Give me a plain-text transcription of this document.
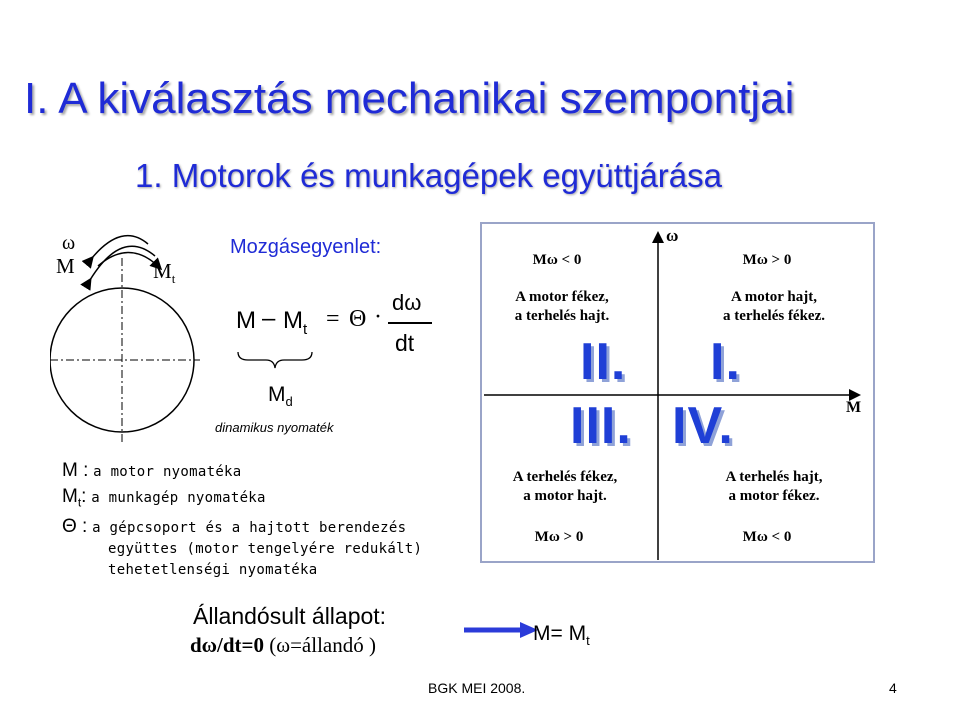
I. A kiválasztás mechanikai szempontjai
1. Motorok és munkagépek együttjárása
ω
M	$M_t$
Mozgásegyenlet:
$M - M_t = \Theta$ ·
dω
dt
$M_d$
dinamikus nyomaték
M : a motor nyomatéka
$M_t$: a munkagép nyomatéka
Θ : a gépcsoport és a hajtott berendezés
együttes (motor tengelyére redukált)
tehetetlenségi nyomatéka
ω
M
Mω < 0
A motor fékez,
a terhelés hajt.
Mω > 0
A motor hajt,
a terhelés fékez.
II. I.
III. IV.
A terhelés fékez,
a motor hajt.
Mω > 0
A terhelés hajt,
a motor fékez.
Mω < 0
Állandósult állapot:
dω/dt=0 (ω=állandó )	$M= M_t$
BGK MEI 2008.	4
